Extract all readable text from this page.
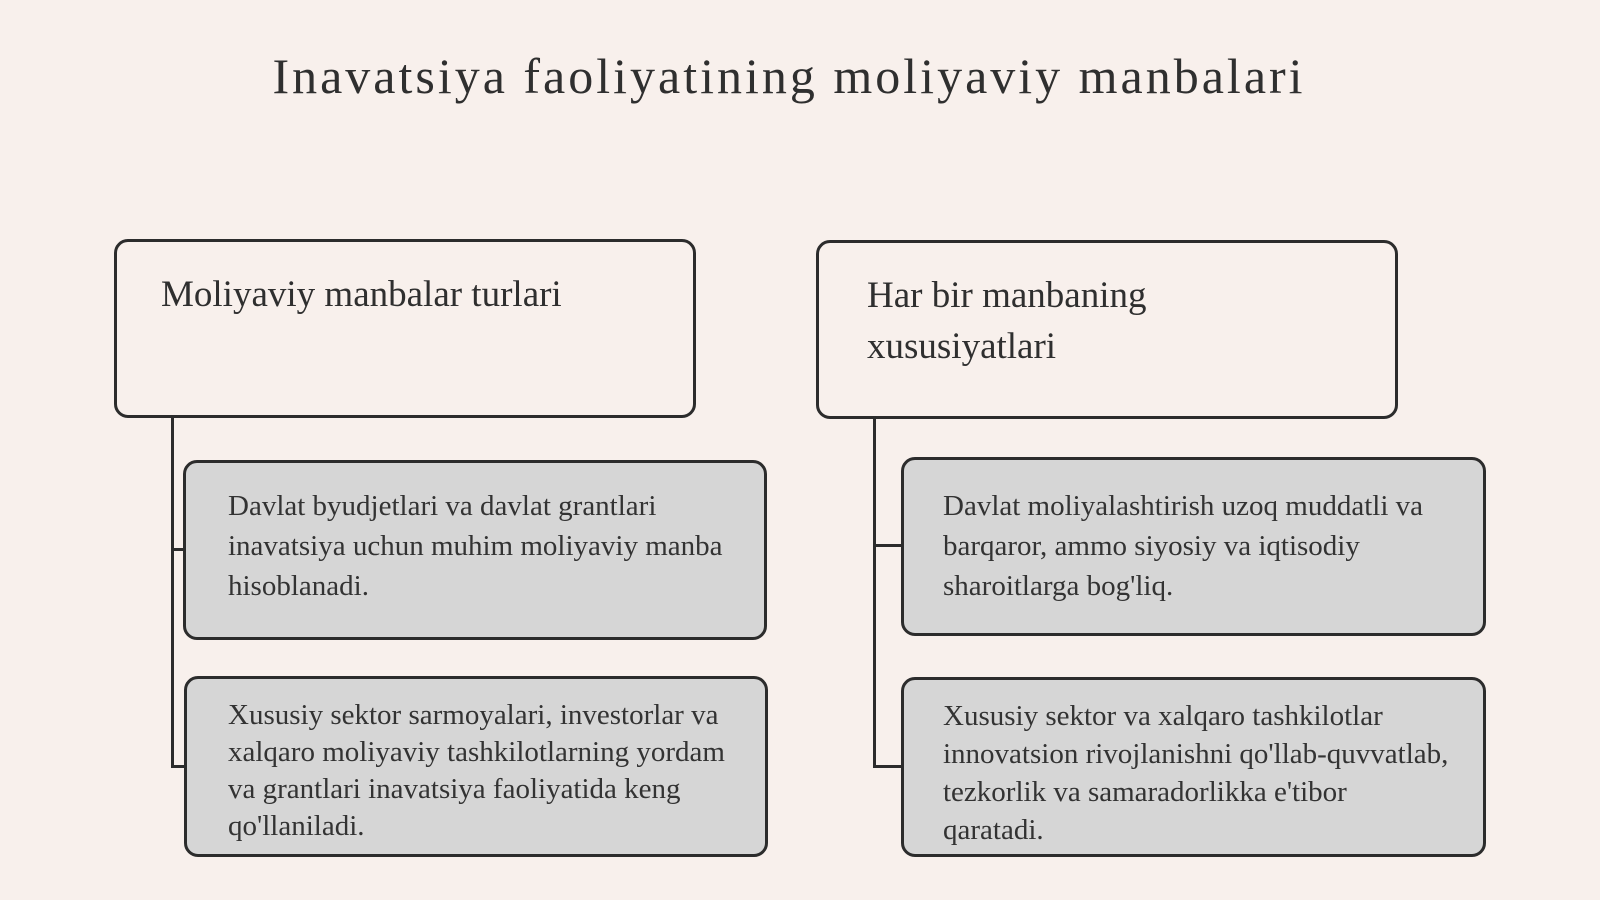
Inavatsiya faoliyatining moliyaviy manbalari
Moliyaviy manbalar turlari	Har bir manbaning xususiyatlari
Davlat byudjetlari va davlat grantlari inavatsiya uchun muhim moliyaviy manba hisoblanadi.
Xususiy sektor sarmoyalari, investorlar va xalqaro moliyaviy tashkilotlarning yordam va grantlari inavatsiya faoliyatida keng qo'llaniladi.
Davlat moliyalashtirish uzoq muddatli va barqaror, ammo siyosiy va iqtisodiy sharoitlarga bog'liq.
Xususiy sektor va xalqaro tashkilotlar innovatsion rivojlanishni qo'llab-quvvatlab, tezkorlik va samaradorlikka e'tibor qaratadi.
